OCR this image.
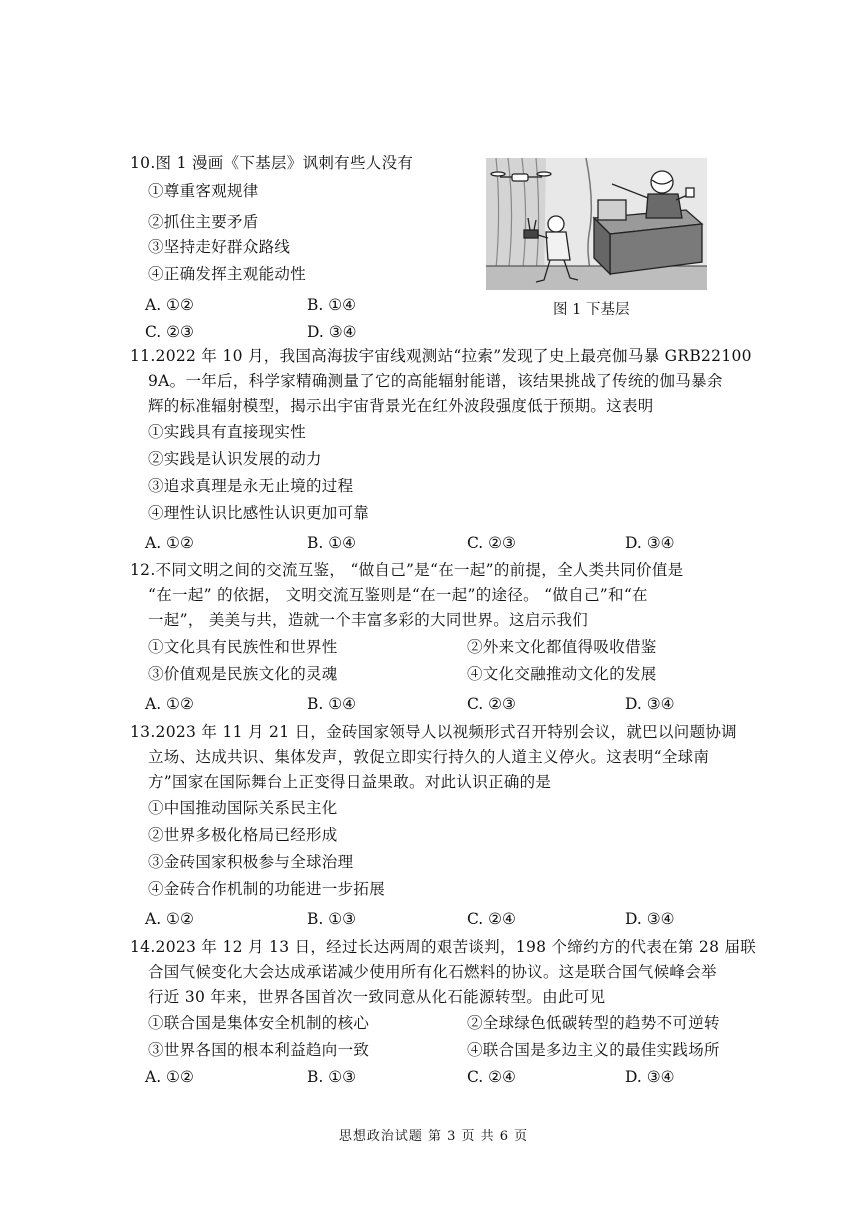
10.图 1 漫画《下基层》讽刺有些人没有
①尊重客观规律
②抓住主要矛盾
③坚持走好群众路线
④正确发挥主观能动性
A. ①②	B. ①④
C. ②③	D. ③④
图 1 下基层
11.2022 年 10 月，我国高海拔宇宙线观测站“拉索”发现了史上最亮伽马暴 GRB22100
9A。一年后，科学家精确测量了它的高能辐射能谱，该结果挑战了传统的伽马暴余
辉的标准辐射模型，揭示出宇宙背景光在红外波段强度低于预期。这表明
①实践具有直接现实性
②实践是认识发展的动力
③追求真理是永无止境的过程
④理性认识比感性认识更加可靠
A. ①②	B. ①④	C. ②③	D. ③④
12.不同文明之间的交流互鉴， “做自己”是“在一起”的前提，全人类共同价值是
“在一起” 的依据， 文明交流互鉴则是“在一起”的途径。 “做自己”和“在
一起”， 美美与共，造就一个丰富多彩的大同世界。这启示我们
①文化具有民族性和世界性	②外来文化都值得吸收借鉴
③价值观是民族文化的灵魂	④文化交融推动文化的发展
A. ①②	B. ①④	C. ②③	D. ③④
13.2023 年 11 月 21 日，金砖国家领导人以视频形式召开特别会议，就巴以问题协调
立场、达成共识、集体发声，敦促立即实行持久的人道主义停火。这表明“全球南
方”国家在国际舞台上正变得日益果敢。对此认识正确的是
①中国推动国际关系民主化
②世界多极化格局已经形成
③金砖国家积极参与全球治理
④金砖合作机制的功能进一步拓展
A. ①②	B. ①③	C. ②④	D. ③④
14.2023 年 12 月 13 日，经过长达两周的艰苦谈判，198 个缔约方的代表在第 28 届联
合国气候变化大会达成承诺减少使用所有化石燃料的协议。这是联合国气候峰会举
行近 30 年来，世界各国首次一致同意从化石能源转型。由此可见
①联合国是集体安全机制的核心	②全球绿色低碳转型的趋势不可逆转
③世界各国的根本利益趋向一致	④联合国是多边主义的最佳实践场所
A. ①②	B. ①③	C. ②④	D. ③④
思想政治试题 第 3 页 共 6 页
